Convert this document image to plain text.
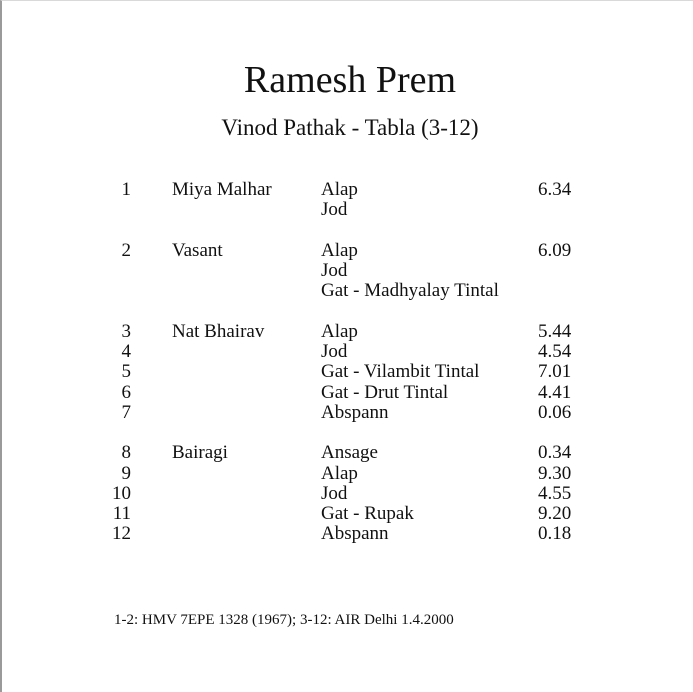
Ramesh Prem
Vinod Pathak - Tabla (3-12)
1 Miya Malhar	Alap	6.34
Jod
2 Vasant	Alap	6.09
Jod
Gat - Madhyalay Tintal
3 Nat Bhairav	Alap	5.44
4	Jod	4.54
5	Gat - Vilambit Tintal	7.01
6	Gat - Drut Tintal	4.41
7	Abspann	0.06
8 Bairagi	Ansage	0.34
9	Alap	9.30
10	Jod	4.55
11	Gat - Rupak	9.20
12	Abspann	0.18
1-2: HMV 7EPE 1328 (1967); 3-12: AIR Delhi 1.4.2000
